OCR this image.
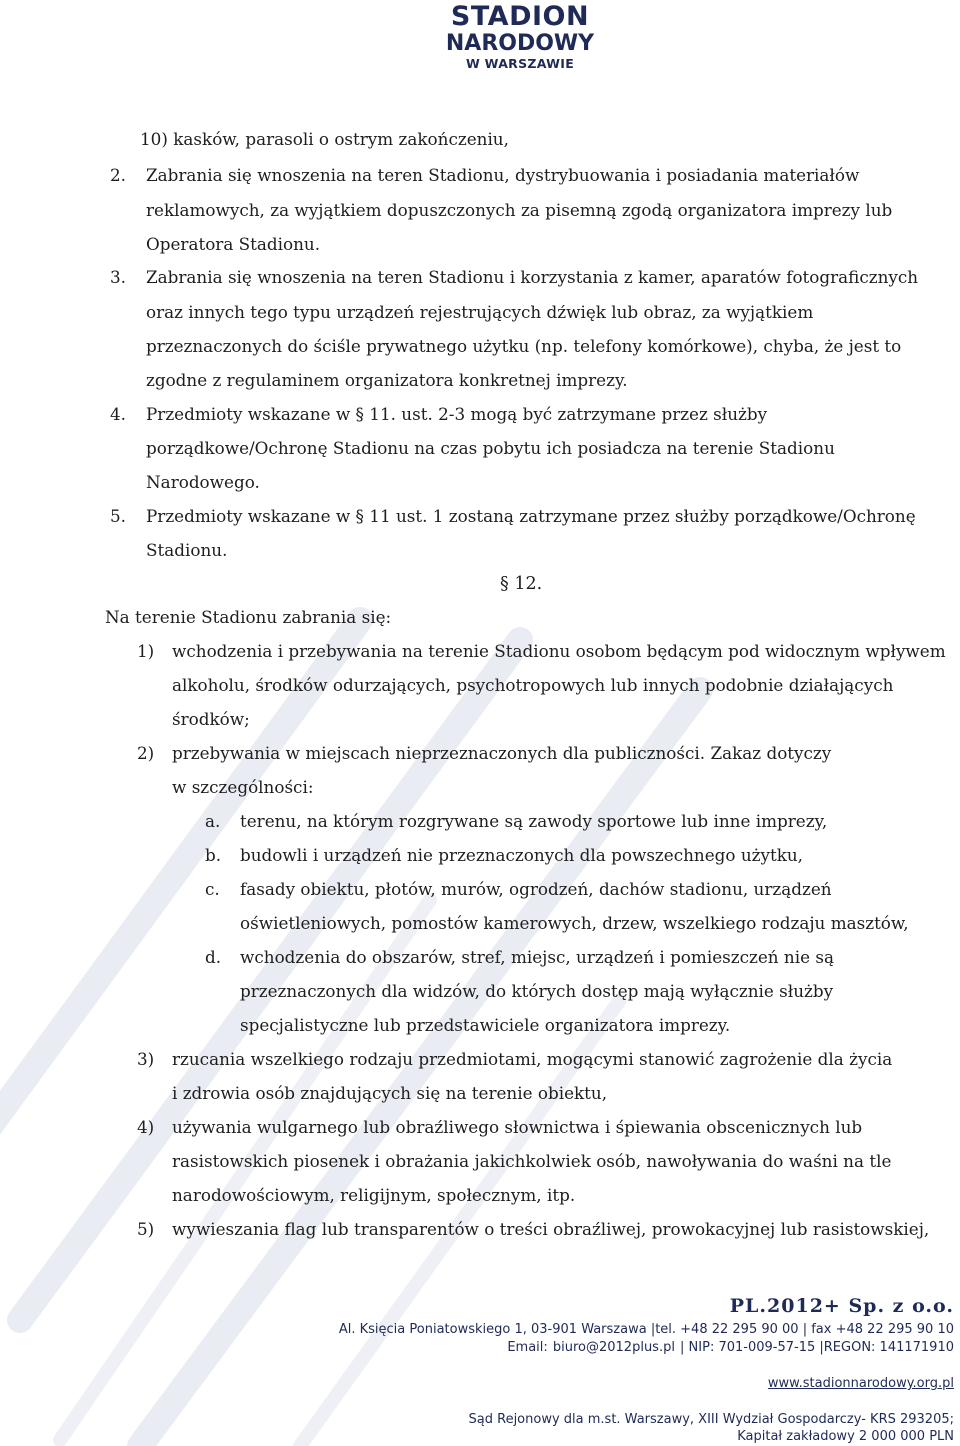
STADION
NARODOWY
W WARSZAWIE
10) kasków, parasoli o ostrym zakończeniu,
2. Zabrania się wnoszenia na teren Stadionu, dystrybuowania i posiadania materiałów
reklamowych, za wyjątkiem dopuszczonych za pisemną zgodą organizatora imprezy lub
Operatora Stadionu.
3. Zabrania się wnoszenia na teren Stadionu i korzystania z kamer, aparatów fotograficznych
oraz innych tego typu urządzeń rejestrujących dźwięk lub obraz, za wyjątkiem
przeznaczonych do ściśle prywatnego użytku (np. telefony komórkowe), chyba, że jest to
zgodne z regulaminem organizatora konkretnej imprezy.
4. Przedmioty wskazane w § 11. ust. 2-3 mogą być zatrzymane przez służby
porządkowe/Ochronę Stadionu na czas pobytu ich posiadcza na terenie Stadionu
Narodowego.
5. Przedmioty wskazane w § 11 ust. 1 zostaną zatrzymane przez służby porządkowe/Ochronę
Stadionu.
§ 12.
Na terenie Stadionu zabrania się:
1) wchodzenia i przebywania na terenie Stadionu osobom będącym pod widocznym wpływem
alkoholu, środków odurzających, psychotropowych lub innych podobnie działających
środków;
2) przebywania w miejscach nieprzeznaczonych dla publiczności. Zakaz dotyczy
w szczególności:
a. terenu, na którym rozgrywane są zawody sportowe lub inne imprezy,
b. budowli i urządzeń nie przeznaczonych dla powszechnego użytku,
c. fasady obiektu, płotów, murów, ogrodzeń, dachów stadionu, urządzeń
oświetleniowych, pomostów kamerowych, drzew, wszelkiego rodzaju masztów,
d. wchodzenia do obszarów, stref, miejsc, urządzeń i pomieszczeń nie są
przeznaczonych dla widzów, do których dostęp mają wyłącznie służby
specjalistyczne lub przedstawiciele organizatora imprezy.
3) rzucania wszelkiego rodzaju przedmiotami, mogącymi stanowić zagrożenie dla życia
i zdrowia osób znajdujących się na terenie obiektu,
4) używania wulgarnego lub obraźliwego słownictwa i śpiewania obscenicznych lub
rasistowskich piosenek i obrażania jakichkolwiek osób, nawoływania do waśni na tle
narodowościowym, religijnym, społecznym, itp.
5) wywieszania flag lub transparentów o treści obraźliwej, prowokacyjnej lub rasistowskiej,
PL.2012+ Sp. z o.o.
Al. Księcia Poniatowskiego 1, 03-901 Warszawa |tel. +48 22 295 90 00 | fax +48 22 295 90 10
Email: biuro@2012plus.pl | NIP: 701-009-57-15 |REGON: 141171910
www.stadionnarodowy.org.pl
Sąd Rejonowy dla m.st. Warszawy, XIII Wydział Gospodarczy- KRS 293205;
Kapitał zakładowy 2 000 000 PLN
